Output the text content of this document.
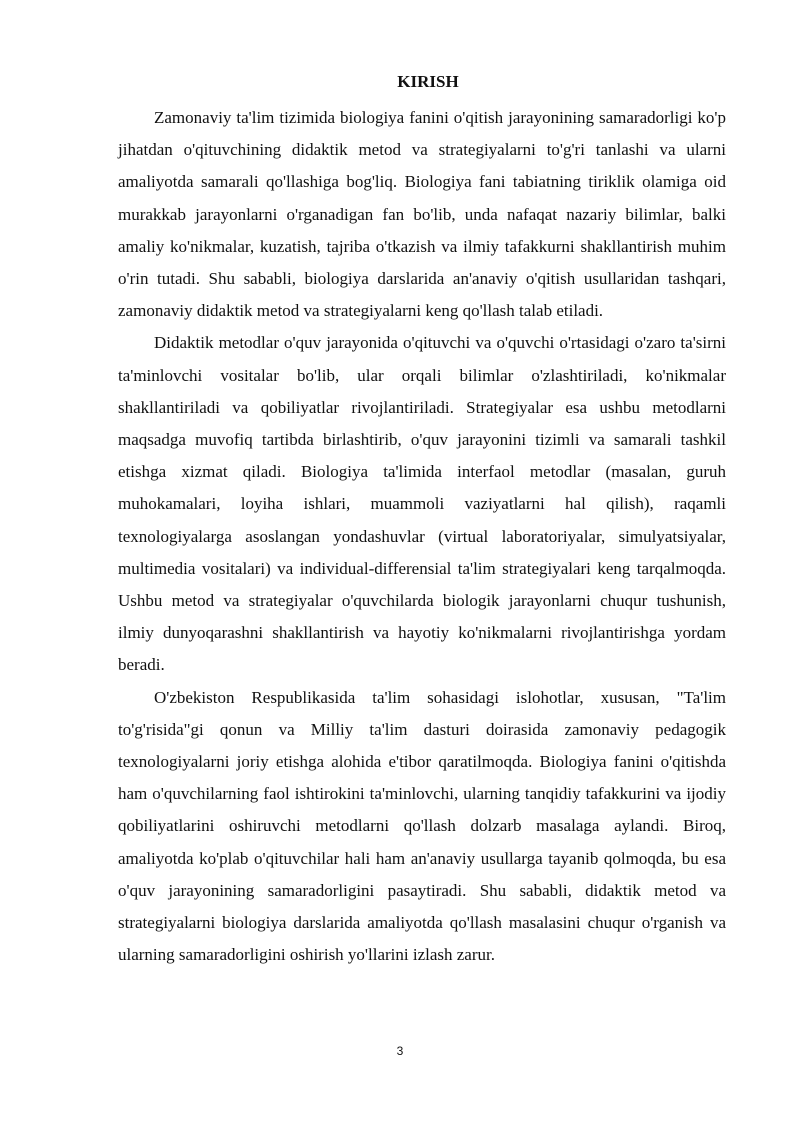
KIRISH

Zamonaviy ta'lim tizimida biologiya fanini o'qitish jarayonining samaradorligi ko'p jihatdan o'qituvchining didaktik metod va strategiyalarni to'g'ri tanlashi va ularni amaliyotda samarali qo'llashiga bog'liq. Biologiya fani tabiatning tiriklik olamiga oid murakkab jarayonlarni o'rganadigan fan bo'lib, unda nafaqat nazariy bilimlar, balki amaliy ko'nikmalar, kuzatish, tajriba o'tkazish va ilmiy tafakkurni shakllantirish muhim o'rin tutadi. Shu sababli, biologiya darslarida an'anaviy o'qitish usullaridan tashqari, zamonaviy didaktik metod va strategiyalarni keng qo'llash talab etiladi.

Didaktik metodlar o'quv jarayonida o'qituvchi va o'quvchi o'rtasidagi o'zaro ta'sirni ta'minlovchi vositalar bo'lib, ular orqali bilimlar o'zlashtiriladi, ko'nikmalar shakllantiriladi va qobiliyatlar rivojlantiriladi. Strategiyalar esa ushbu metodlarni maqsadga muvofiq tartibda birlashtirib, o'quv jarayonini tizimli va samarali tashkil etishga xizmat qiladi. Biologiya ta'limida interfaol metodlar (masalan, guruh muhokamalari, loyiha ishlari, muammoli vaziyatlarni hal qilish), raqamli texnologiyalarga asoslangan yondashuvlar (virtual laboratoriyalar, simulyatsiyalar, multimedia vositalari) va individual-differensial ta'lim strategiyalari keng tarqalmoqda. Ushbu metod va strategiyalar o'quvchilarda biologik jarayonlarni chuqur tushunish, ilmiy dunyoqarashni shakllantirish va hayotiy ko'nikmalarni rivojlantirishga yordam beradi.

O'zbekiston Respublikasida ta'lim sohasidagi islohotlar, xususan, "Ta'lim to'g'risida"gi qonun va Milliy ta'lim dasturi doirasida zamonaviy pedagogik texnologiyalarni joriy etishga alohida e'tibor qaratilmoqda. Biologiya fanini o'qitishda ham o'quvchilarning faol ishtirokini ta'minlovchi, ularning tanqidiy tafakkurini va ijodiy qobiliyatlarini oshiruvchi metodlarni qo'llash dolzarb masalaga aylandi. Biroq, amaliyotda ko'plab o'qituvchilar hali ham an'anaviy usullarga tayanib qolmoqda, bu esa o'quv jarayonining samaradorligini pasaytiradi. Shu sababli, didaktik metod va strategiyalarni biologiya darslarida amaliyotda qo'llash masalasini chuqur o'rganish va ularning samaradorligini oshirish yo'llarini izlash zarur.

3
